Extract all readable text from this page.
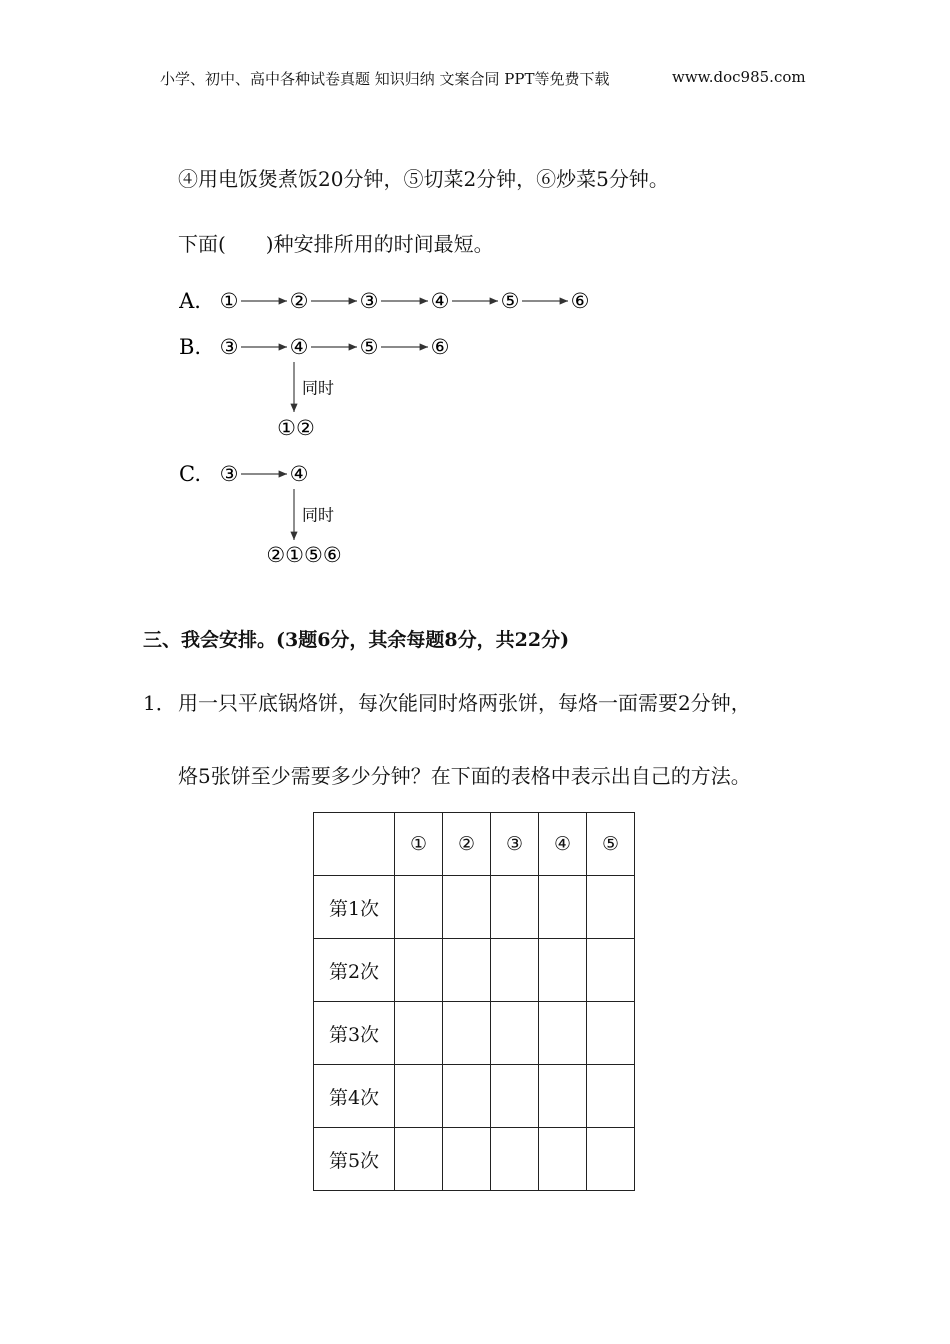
小学、初中、高中各种试卷真题 知识归纳 文案合同 PPT等免费下载	www.doc985.com
④用电饭煲煮饭20分钟，⑤切菜2分钟，⑥炒菜5分钟。
下面(　　)种安排所用的时间最短。
A. ① ② ③ ④ ⑤ ⑥
B. ③ ④ ⑤ ⑥
①②
C. ③ ④
②①⑤⑥
同时
同时
三、我会安排。(3题6分，其余每题8分，共22分)
1． 用一只平底锅烙饼，每次能同时烙两张饼，每烙一面需要2分钟，
烙5张饼至少需要多少分钟？在下面的表格中表示出自己的方法。
	①	②	③	④	⑤
第1次					
第2次					
第3次					
第4次					
第5次					
